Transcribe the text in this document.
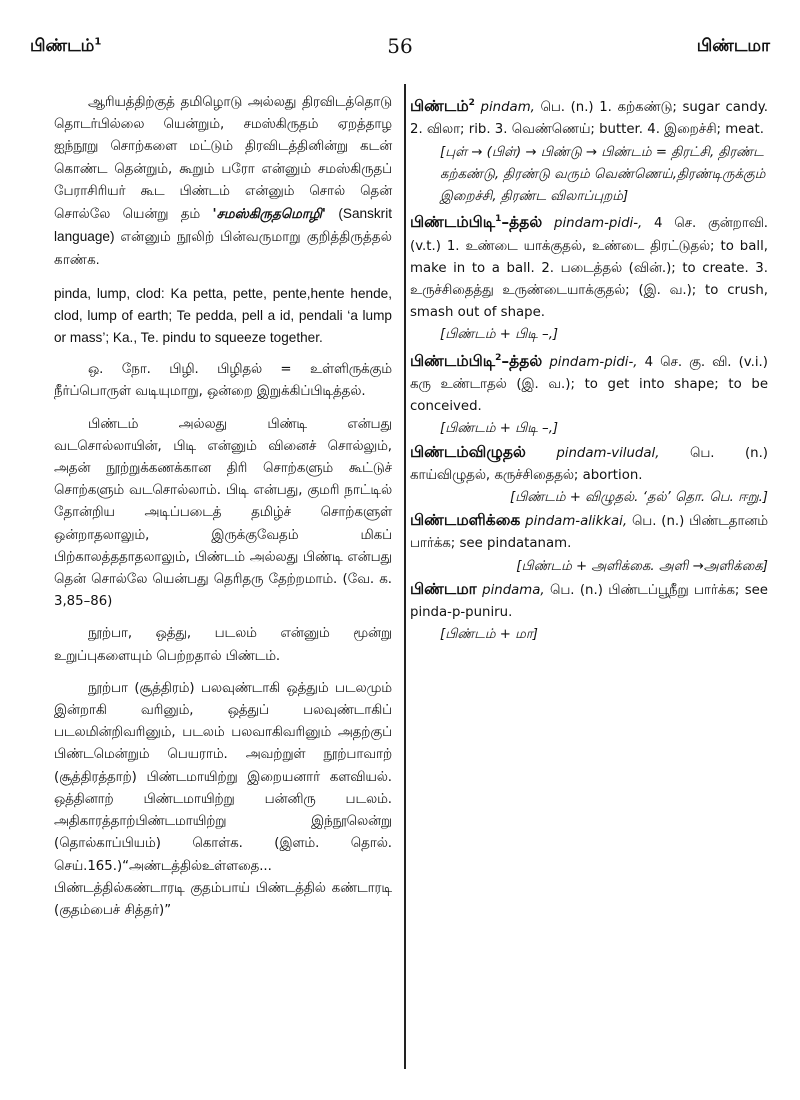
பிண்டம்$^1$	56	பிண்டமா

ஆரியத்திற்குத் தமிழொடு அல்லது திரவிடத்தொடு தொடர்பில்லை யென்றும், சமஸ்கிருதம் ஏறத்தாழ ஐந்நூறு சொற்களை மட்டும் திரவிடத்தினின்று கடன் கொண்ட தென்றும், கூறும் பரோ என்னும் சமஸ்கிருதப் பேராசிரியர் கூட பிண்டம் என்னும் சொல் தென் சொல்லே யென்று தம் 'சமஸ்கிருதமொழி' (Sanskrit language) என்னும் நூலிற் பின்வருமாறு குறித்திருத்தல் காண்க.

pinda, lump, clod: Ka petta, pette, pente,hente hende, clod, lump of earth; Te pedda, pell a id, pendali ‘a lump or mass’; Ka., Te. pindu to squeeze together.

ஒ. நோ. பிழி. பிழிதல் = உள்ளிருக்கும் நீர்ப்பொருள் வடியுமாறு, ஒன்றை இறுக்கிப்பிடித்தல்.

பிண்டம் அல்லது பிண்டி என்பது வடசொல்லாயின், பிடி என்னும் வினைச் சொல்லும், அதன் நூற்றுக்கணக்கான திரி சொற்களும் கூட்டுச் சொற்களும் வடசொல்லாம். பிடி என்பது, குமரி நாட்டில் தோன்றிய அடிப்படைத் தமிழ்ச் சொற்களுள் ஒன்றாதலாலும், இருக்குவேதம் மிகப் பிற்காலத்ததாதலாலும், பிண்டம் அல்லது பிண்டி என்பது தென் சொல்லே யென்பது தெரிதரு தேற்றமாம். (வே. க. 3,85–86)

நூற்பா, ஒத்து, படலம் என்னும் மூன்று உறுப்புகளையும் பெற்றதால் பிண்டம்.

நூற்பா (சூத்திரம்) பலவுண்டாகி ஒத்தும் படலமும் இன்றாகி வரினும், ஒத்துப் பலவுண்டாகிப் படலமின்றிவரினும், படலம் பலவாகிவரினும் அதற்குப் பிண்டமென்றும் பெயராம். அவற்றுள் நூற்பாவாற் (சூத்திரத்தாற்) பிண்டமாயிற்று இறையனார் களவியல். ஒத்தினாற் பிண்டமாயிற்று பன்னிரு படலம். அதிகாரத்தாற்பிண்டமாயிற்று இந்நூலென்று (தொல்காப்பியம்) கொள்க. (இளம். தொல். செய்.165.)“அண்டத்தில்உள்ளதை... பிண்டத்தில்கண்டாரடி குதம்பாய் பிண்டத்தில் கண்டாரடி (குதம்பைச் சித்தர்)”

பிண்டம்$^2$ pindam, பெ. (n.) 1. கற்கண்டு; sugar candy. 2. விலா; rib. 3. வெண்ணெய்; butter. 4. இறைச்சி; meat.

[புள் → (பிள்) → பிண்டு → பிண்டம் = திரட்சி, திரண்ட கற்கண்டு, திரண்டு வரும் வெண்ணெய்,திரண்டிருக்கும் இறைச்சி, திரண்ட விலாப்புறம்]

பிண்டம்பிடி$^1$–த்தல் pindam-pidi-, 4 செ. குன்றாவி. (v.t.) 1. உண்டை யாக்குதல், உண்டை திரட்டுதல்; to ball, make in to a ball. 2. படைத்தல் (வின்.); to create. 3. உருச்சிதைத்து உருண்டையாக்குதல்; (இ. வ.); to crush, smash out of shape.

[பிண்டம் + பிடி –,]

பிண்டம்பிடி$^2$–த்தல் pindam-pidi-, 4 செ. கு. வி. (v.i.) கரு உண்டாதல் (இ. வ.); to get into shape; to be conceived.

[பிண்டம் + பிடி –,]

பிண்டம்விழுதல் pindam-viludal, பெ. (n.) காய்விழுதல், கருச்சிதைதல்; abortion.

[பிண்டம் + விழுதல். ‘தல்’ தொ. பெ. ஈறு.]

பிண்டமளிக்கை pindam-alikkai, பெ. (n.) பிண்டதானம் பார்க்க; see pindatanam.

[பிண்டம் + அளிக்கை. அளி →அளிக்கை]

பிண்டமா pindama, பெ. (n.) பிண்டப்பூநீறு பார்க்க; see pinda-p-puniru.

[பிண்டம் + மா]
